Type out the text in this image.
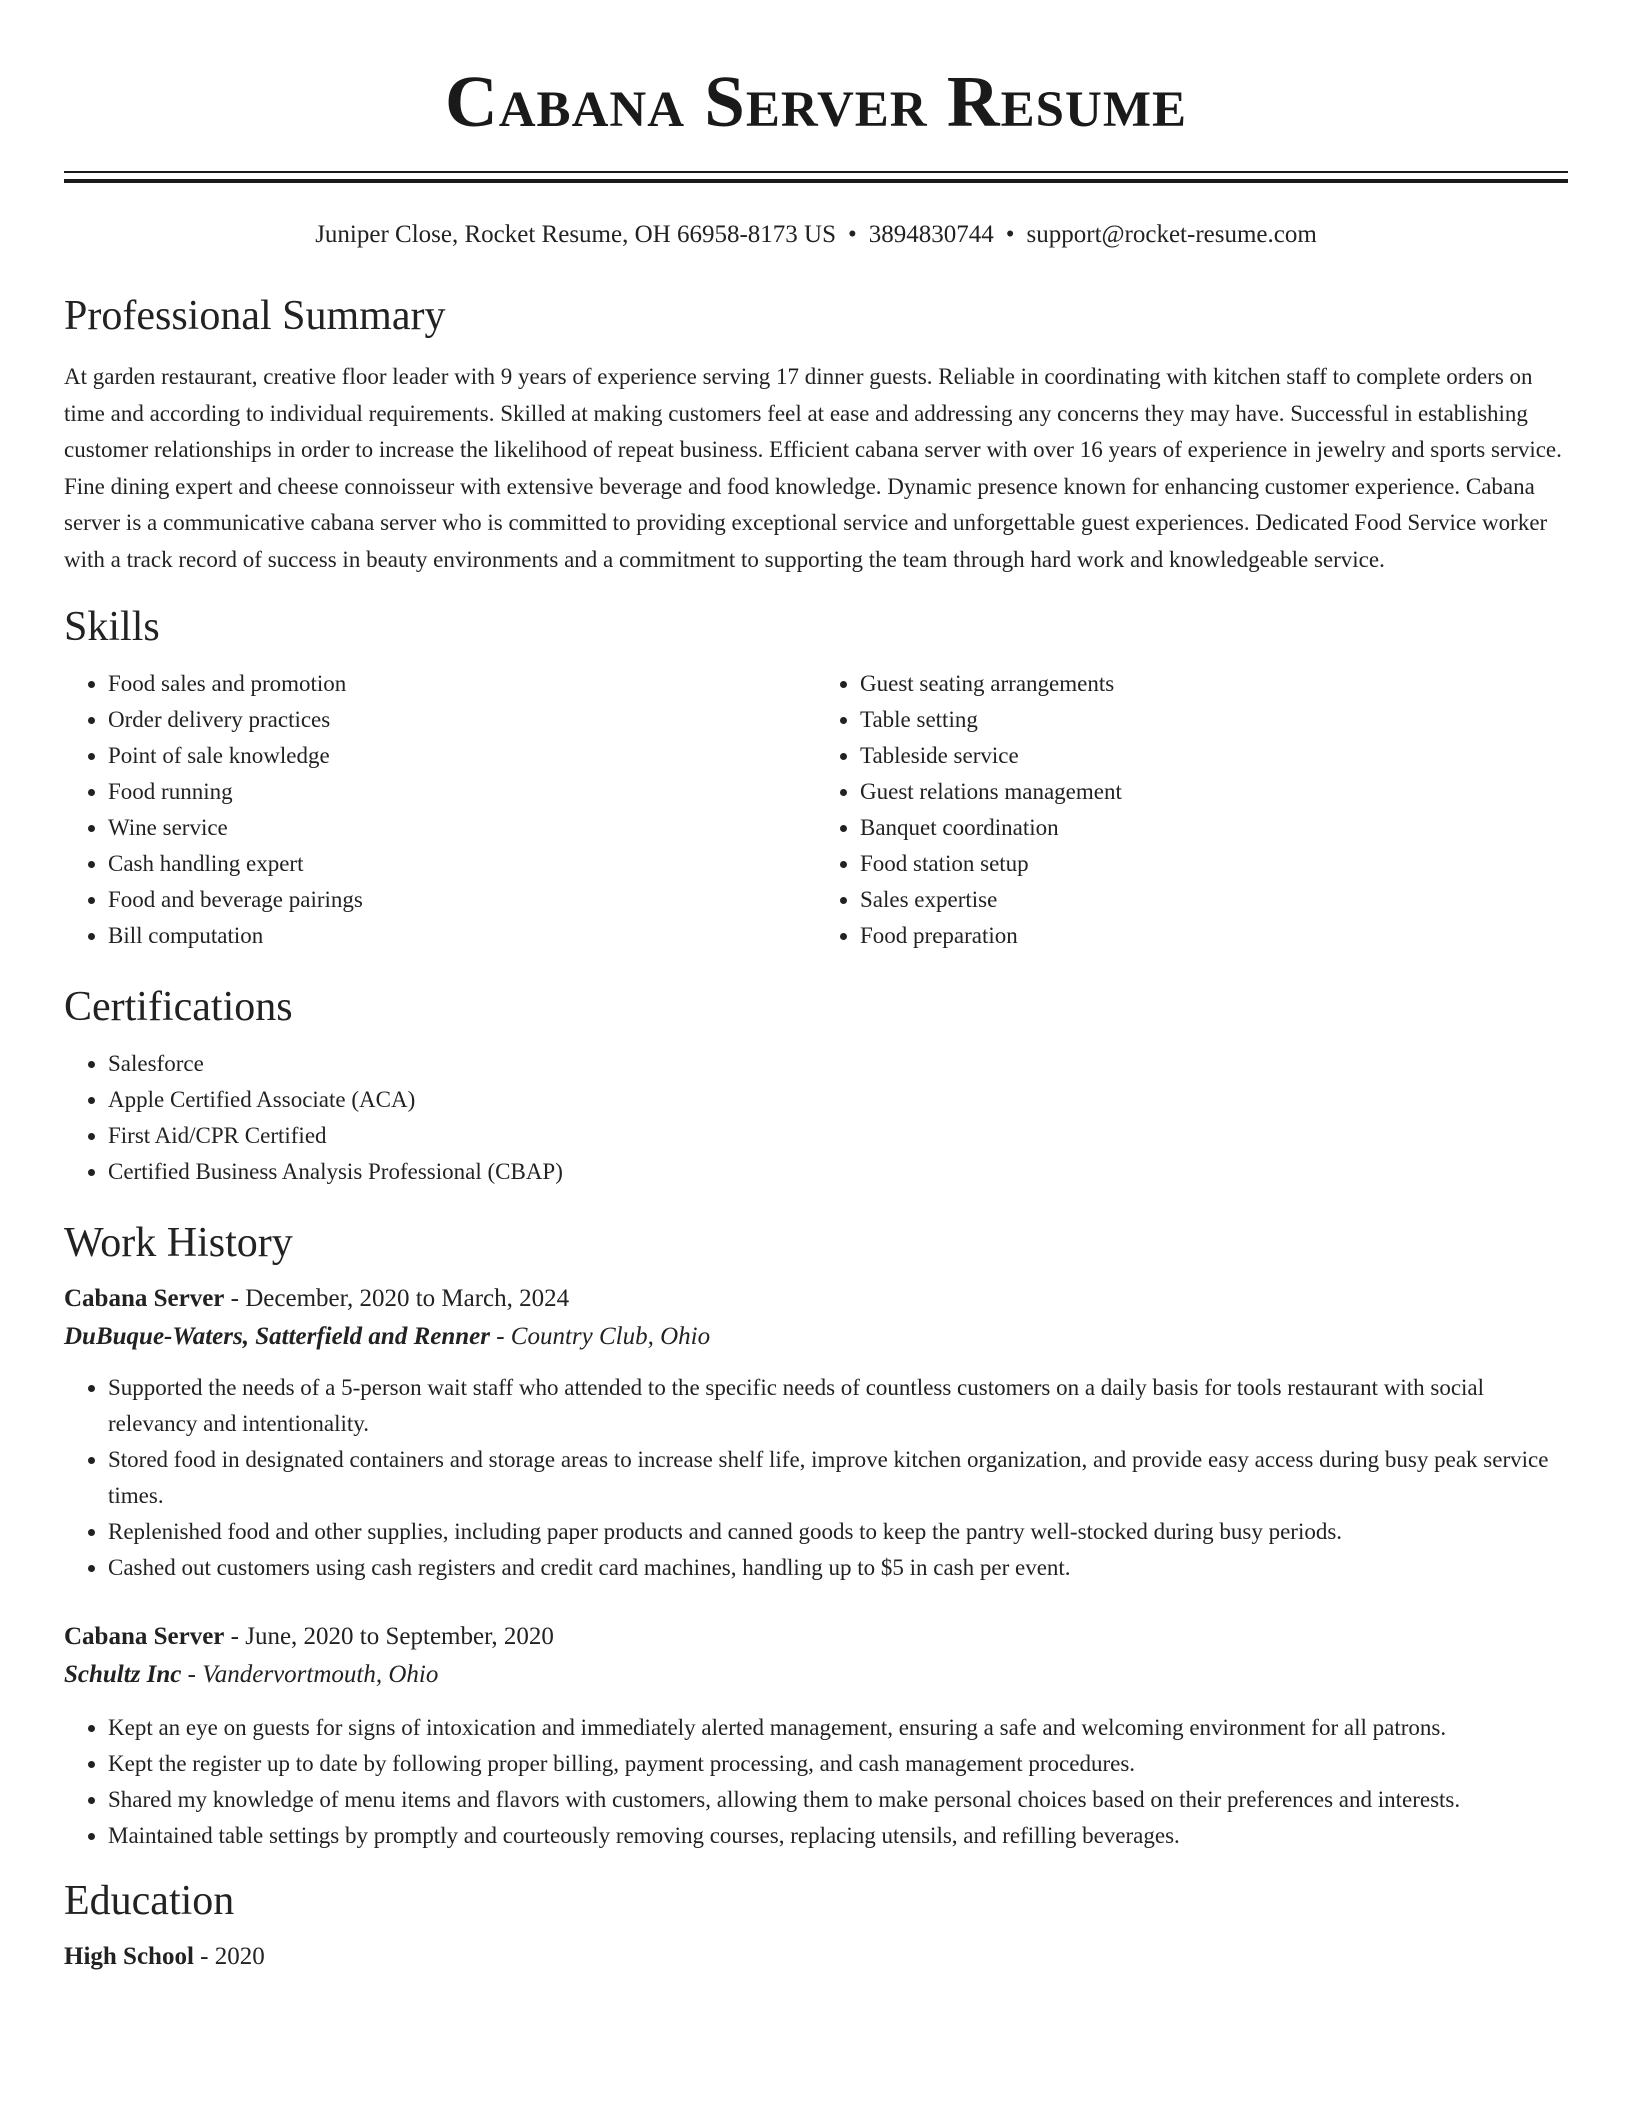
Cabana Server Resume
Juniper Close, Rocket Resume, OH 66958-8173 US • 3894830744 • support@rocket-resume.com
Professional Summary

At garden restaurant, creative floor leader with 9 years of experience serving 17 dinner guests. Reliable in coordinating with kitchen staff to complete orders on time and according to individual requirements. Skilled at making customers feel at ease and addressing any concerns they may have. Successful in establishing customer relationships in order to increase the likelihood of repeat business. Efficient cabana server with over 16 years of experience in jewelry and sports service. Fine dining expert and cheese connoisseur with extensive beverage and food knowledge. Dynamic presence known for enhancing customer experience. Cabana server is a communicative cabana server who is committed to providing exceptional service and unforgettable guest experiences. Dedicated Food Service worker with a track record of success in beauty environments and a commitment to supporting the team through hard work and knowledgeable service.

Skills
• Food sales and promotion
• Order delivery practices
• Point of sale knowledge
• Food running
• Wine service
• Cash handling expert
• Food and beverage pairings
• Bill computation
• Guest seating arrangements
• Table setting
• Tableside service
• Guest relations management
• Banquet coordination
• Food station setup
• Sales expertise
• Food preparation
Certifications
• Salesforce
• Apple Certified Associate (ACA)
• First Aid/CPR Certified
• Certified Business Analysis Professional (CBAP)
Work History
Cabana Server - December, 2020 to March, 2024
DuBuque-Waters, Satterfield and Renner - Country Club, Ohio
• Supported the needs of a 5-person wait staff who attended to the specific needs of countless customers on a daily basis for tools restaurant with social relevancy and intentionality.
• Stored food in designated containers and storage areas to increase shelf life, improve kitchen organization, and provide easy access during busy peak service times.
• Replenished food and other supplies, including paper products and canned goods to keep the pantry well-stocked during busy periods.
• Cashed out customers using cash registers and credit card machines, handling up to $5 in cash per event.
Cabana Server - June, 2020 to September, 2020
Schultz Inc - Vandervortmouth, Ohio
• Kept an eye on guests for signs of intoxication and immediately alerted management, ensuring a safe and welcoming environment for all patrons.
• Kept the register up to date by following proper billing, payment processing, and cash management procedures.
• Shared my knowledge of menu items and flavors with customers, allowing them to make personal choices based on their preferences and interests.
• Maintained table settings by promptly and courteously removing courses, replacing utensils, and refilling beverages.
Education
High School - 2020
